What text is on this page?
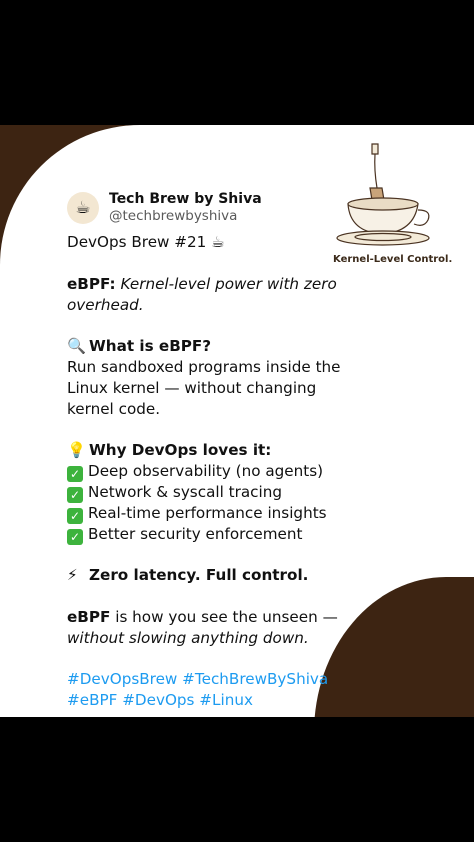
Kernel-Level Control.
☕ Tech Brew by Shiva
@techbrewbyshiva
DevOps Brew #21 ☕
eBPF: Kernel-level power with zero overhead.
🔍 What is eBPF?
Run sandboxed programs inside the Linux kernel — without changing kernel code.
💡 Why DevOps loves it:
✓ Deep observability (no agents)
✓ Network & syscall tracing
✓ Real-time performance insights
✓ Better security enforcement
⚡ Zero latency. Full control.
eBPF is how you see the unseen —
without slowing anything down.
#DevOpsBrew #TechBrewByShiva
#eBPF #DevOps #Linux
